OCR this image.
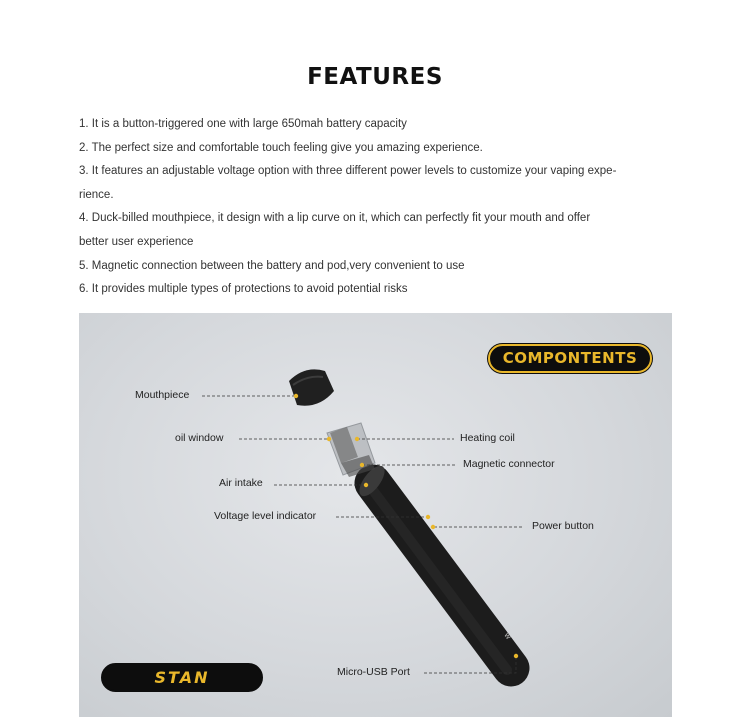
FEATURES
1. It is a button-triggered one with large 650mah battery capacity
2. The perfect size and comfortable touch feeling give you amazing experience.
3. It features an adjustable voltage option with three different power levels to customize your vaping expe-
rience.
4. Duck-billed mouthpiece, it design with a lip curve on it, which can perfectly fit your mouth and offer
better user experience
5. Magnetic connection between the battery and pod,very convenient to use
6. It provides multiple types of protections to avoid potential risks
W
COMPONTENTS
STAN
Mouthpiece
oil window	Heating coil
Magnetic connector
Air intake
Voltage level indicator
Power button
Micro-USB Port
